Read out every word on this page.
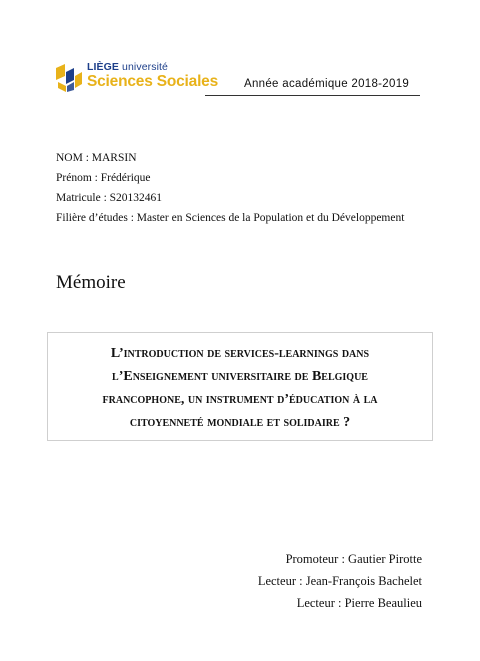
LIÈGE université
Sciences Sociales Année académique 2018-2019
NOM : MARSIN
Prénom : Frédérique
Matricule : S20132461
Filière d’études : Master en Sciences de la Population et du Développement
Mémoire
L’introduction de services-learnings dans
l’Enseignement universitaire de Belgique
francophone, un instrument d’éducation à la
citoyenneté mondiale et solidaire ?
Promoteur : Gautier Pirotte
Lecteur : Jean-François Bachelet
Lecteur : Pierre Beaulieu
